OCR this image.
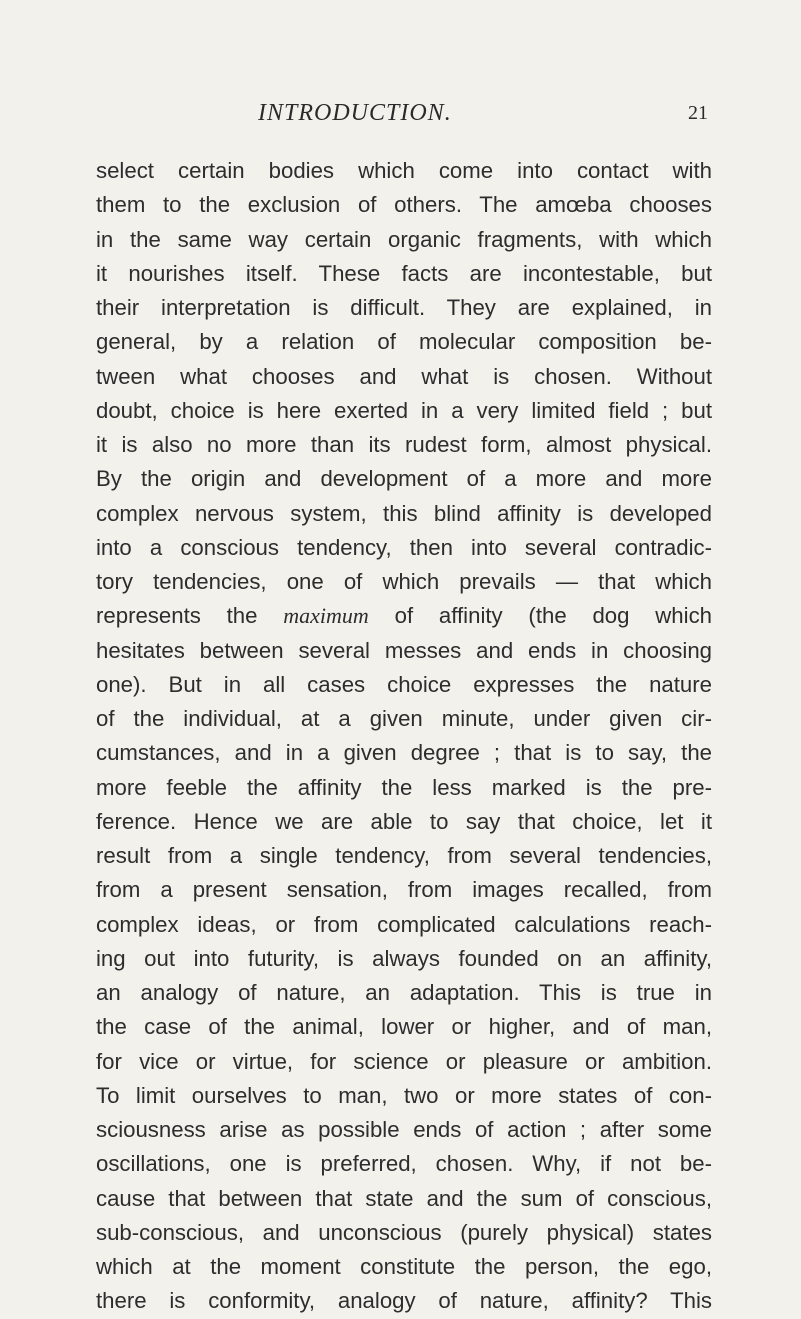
INTRODUCTION.	21
select certain bodies which come into contact with
them to the exclusion of others. The amœba chooses
in the same way certain organic fragments, with which
it nourishes itself. These facts are incontestable, but
their interpretation is difficult. They are explained, in
general, by a relation of molecular composition be-
tween what chooses and what is chosen. Without
doubt, choice is here exerted in a very limited field ; but
it is also no more than its rudest form, almost physical.
By the origin and development of a more and more
complex nervous system, this blind affinity is developed
into a conscious tendency, then into several contradic-
tory tendencies, one of which prevails — that which
represents the maximum of affinity (the dog which
hesitates between several messes and ends in choosing
one). But in all cases choice expresses the nature
of the individual, at a given minute, under given cir-
cumstances, and in a given degree ; that is to say, the
more feeble the affinity the less marked is the pre-
ference. Hence we are able to say that choice, let it
result from a single tendency, from several tendencies,
from a present sensation, from images recalled, from
complex ideas, or from complicated calculations reach-
ing out into futurity, is always founded on an affinity,
an analogy of nature, an adaptation. This is true in
the case of the animal, lower or higher, and of man,
for vice or virtue, for science or pleasure or ambition.
To limit ourselves to man, two or more states of con-
sciousness arise as possible ends of action ; after some
oscillations, one is preferred, chosen. Why, if not be-
cause that between that state and the sum of conscious,
sub-conscious, and unconscious (purely physical) states
which at the moment constitute the person, the ego,
there is conformity, analogy of nature, affinity? This
